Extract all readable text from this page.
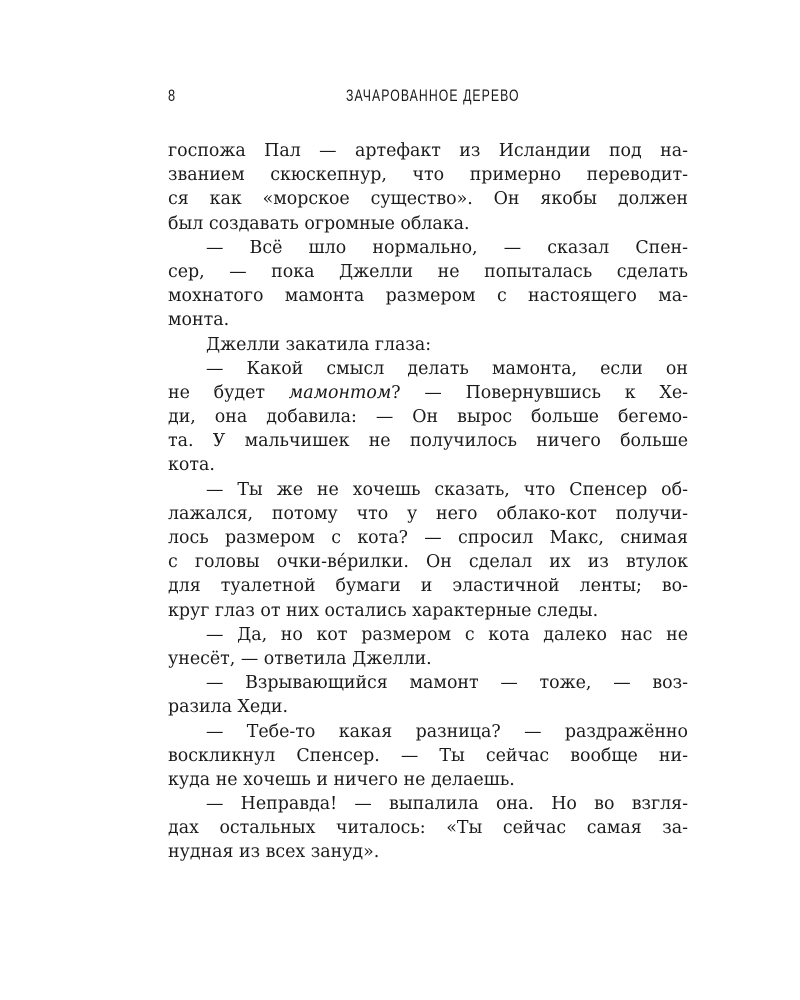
8	ЗАЧАРОВАННОЕ ДЕРЕВО
госпожа Пал — артефакт из Исландии под на-
званием скюскепнур, что примерно переводит-
ся как «морское существо». Он якобы должен
был создавать огромные облака.
— Всё шло нормально, — сказал Спен-
сер, — пока Джелли не попыталась сделать
мохнатого мамонта размером с настоящего ма-
монта.
Джелли закатила глаза:
— Какой смысл делать мамонта, если он
не будет мамонтом? — Повернувшись к Хе-
ди, она добавила: — Он вырос больше бегемо-
та. У мальчишек не получилось ничего больше
кота.
— Ты же не хочешь сказать, что Спенсер об-
лажался, потому что у него облако-кот получи-
лось размером с кота? — спросил Макс, снимая
с головы очки-вéрилки. Он сделал их из втулок
для туалетной бумаги и эластичной ленты; во-
круг глаз от них остались характерные следы.
— Да, но кот размером с кота далеко нас не
унесёт, — ответила Джелли.
— Взрывающийся мамонт — тоже, — воз-
разила Хеди.
— Тебе-то какая разница? — раздражённо
воскликнул Спенсер. — Ты сейчас вообще ни-
куда не хочешь и ничего не делаешь.
— Неправда! — выпалила она. Но во взгля-
дах остальных читалось: «Ты сейчас самая за-
нудная из всех зануд».
